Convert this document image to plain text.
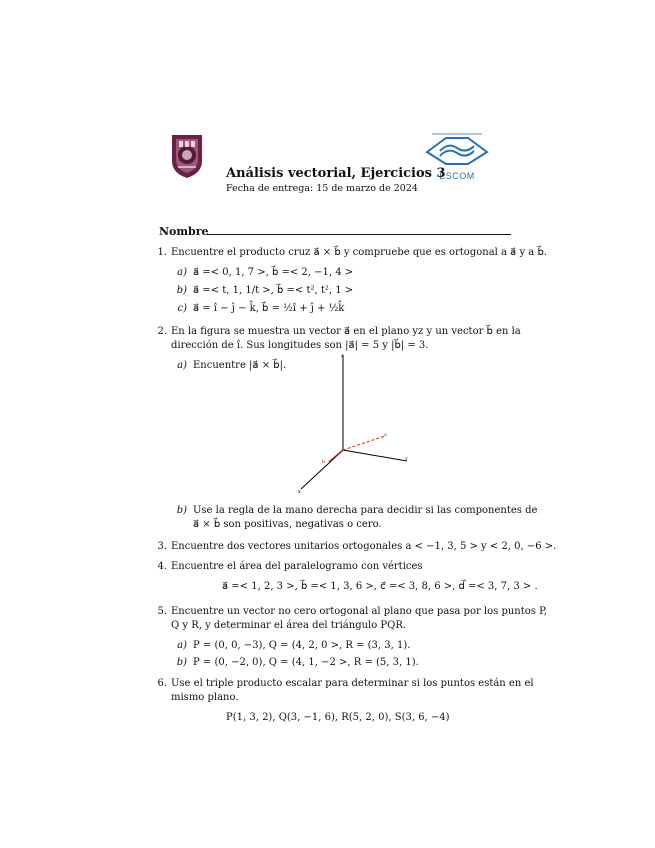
ESCOM
Análisis vectorial, Ejercicios 3
Fecha de entrega: 15 de marzo de 2024
Nombre
1. Encuentre el producto cruz a⃗ × b⃗ y compruebe que es ortogonal a a⃗ y a b⃗.
a) a⃗ =< 0, 1, 7 >, b⃗ =< 2, −1, 4 >
b) a⃗ =< t, 1, 1/t >, b⃗ =< t², t², 1 >
c) a⃗ = î − ĵ − k̂, b⃗ = ½î + ĵ + ½k̂
2. En la figura se muestra un vector a⃗ en el plano yz y un vector b⃗ en la
dirección de î. Sus longitudes son |a⃗| = 5 y |b⃗| = 3.
a) Encuentre |a⃗ × b⃗|.
z
y
x
a
b
b) Use la regla de la mano derecha para decidir si las componentes de
a⃗ × b⃗ son positivas, negativas o cero.
3. Encuentre dos vectores unitarios ortogonales a < −1, 3, 5 > y < 2, 0, −6 >.
4. Encuentre el área del paralelogramo con vértices
a⃗ =< 1, 2, 3 >, b⃗ =< 1, 3, 6 >, c⃗ =< 3, 8, 6 >, d⃗ =< 3, 7, 3 > .
5. Encuentre un vector no cero ortogonal al plano que pasa por los puntos P,
Q y R, y determinar el área del triángulo PQR.
a) P = (0, 0, −3), Q = (4, 2, 0 >, R = (3, 3, 1).
b) P = (0, −2, 0), Q = (4, 1, −2 >, R = (5, 3, 1).
6. Use el triple producto escalar para determinar si los puntos están en el
mismo plano.
P(1, 3, 2), Q(3, −1, 6), R(5, 2, 0), S(3, 6, −4)
